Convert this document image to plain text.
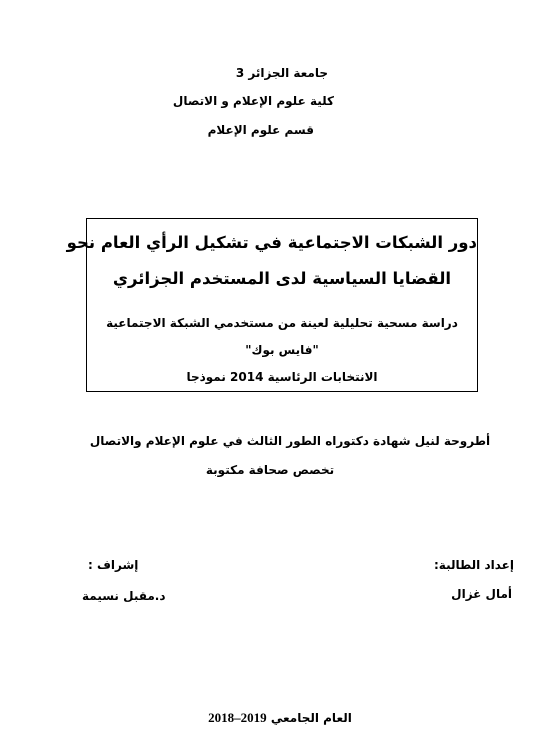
جامعة الجزائر 3
كلية علوم الإعلام و الاتصال
قسم علوم الإعلام
دور الشبكات الاجتماعية في تشكيل الرأي العام نحو
القضايا السياسية لدى المستخدم الجزائري
دراسة مسحية تحليلية لعينة من مستخدمي الشبكة الاجتماعية
"فايس بوك"
الانتخابات الرئاسية 2014 نموذجا
أطروحة لنيل شهادة دكتوراه الطور الثالث في علوم الإعلام والاتصال
تخصص صحافة مكتوبة
إعداد الطالبة:
أمال غزال
إشراف :
د.مقبل نسيمة
العام الجامعي 2018–2019
